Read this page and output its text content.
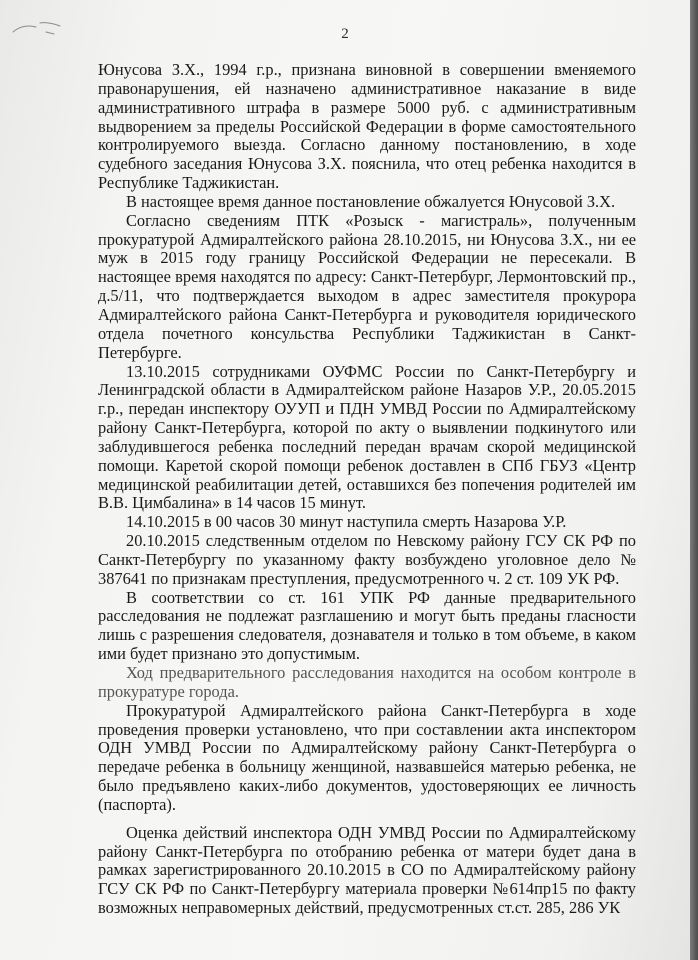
2

Юнусова З.Х., 1994 г.р., признана виновной в совершении вменяемого правонарушения, ей назначено административное наказание в виде административного штрафа в размере 5000 руб. с административным выдворением за пределы Российской Федерации в форме самостоятельного контролируемого выезда. Согласно данному постановлению, в ходе судебного заседания Юнусова З.Х. пояснила, что отец ребенка находится в Республике Таджикистан.

В настоящее время данное постановление обжалуется Юнусовой З.Х.

Согласно сведениям ПТК «Розыск - магистраль», полученным прокуратурой Адмиралтейского района 28.10.2015, ни Юнусова З.Х., ни ее муж в 2015 году границу Российской Федерации не пересекали. В настоящее время находятся по адресу: Санкт-Петербург, Лермонтовский пр., д.5/11, что подтверждается выходом в адрес заместителя прокурора Адмиралтейского района Санкт-Петербурга и руководителя юридического отдела почетного консульства Республики Таджикистан в Санкт-Петербурге.

13.10.2015 сотрудниками ОУФМС России по Санкт-Петербургу и Ленинградской области в Адмиралтейском районе Назаров У.Р., 20.05.2015 г.р., передан инспектору ОУУП и ПДН УМВД России по Адмиралтейскому району Санкт-Петербурга, которой по акту о выявлении подкинутого или заблудившегося ребенка последний передан врачам скорой медицинской помощи. Каретой скорой помощи ребенок доставлен в СПб ГБУЗ «Центр медицинской реабилитации детей, оставшихся без попечения родителей им В.В. Цимбалина» в 14 часов 15 минут.

14.10.2015 в 00 часов 30 минут наступила смерть Назарова У.Р.

20.10.2015 следственным отделом по Невскому району ГСУ СК РФ по Санкт-Петербургу по указанному факту возбуждено уголовное дело № 387641 по признакам преступления, предусмотренного ч. 2 ст. 109 УК РФ.

В соответствии со ст. 161 УПК РФ данные предварительного расследования не подлежат разглашению и могут быть преданы гласности лишь с разрешения следователя, дознавателя и только в том объеме, в каком ими будет признано это допустимым.

Ход предварительного расследования находится на особом контроле в прокуратуре города.

Прокуратурой Адмиралтейского района Санкт-Петербурга в ходе проведения проверки установлено, что при составлении акта инспектором ОДН УМВД России по Адмиралтейскому району Санкт-Петербурга о передаче ребенка в больницу женщиной, назвавшейся матерью ребенка, не было предъявлено каких-либо документов, удостоверяющих ее личность (паспорта).

Оценка действий инспектора ОДН УМВД России по Адмиралтейскому району Санкт-Петербурга по отобранию ребенка от матери будет дана в рамках зарегистрированного 20.10.2015 в СО по Адмиралтейскому району ГСУ СК РФ по Санкт-Петербургу материала проверки №614пр15 по факту возможных неправомерных действий, предусмотренных ст.ст. 285, 286 УК
